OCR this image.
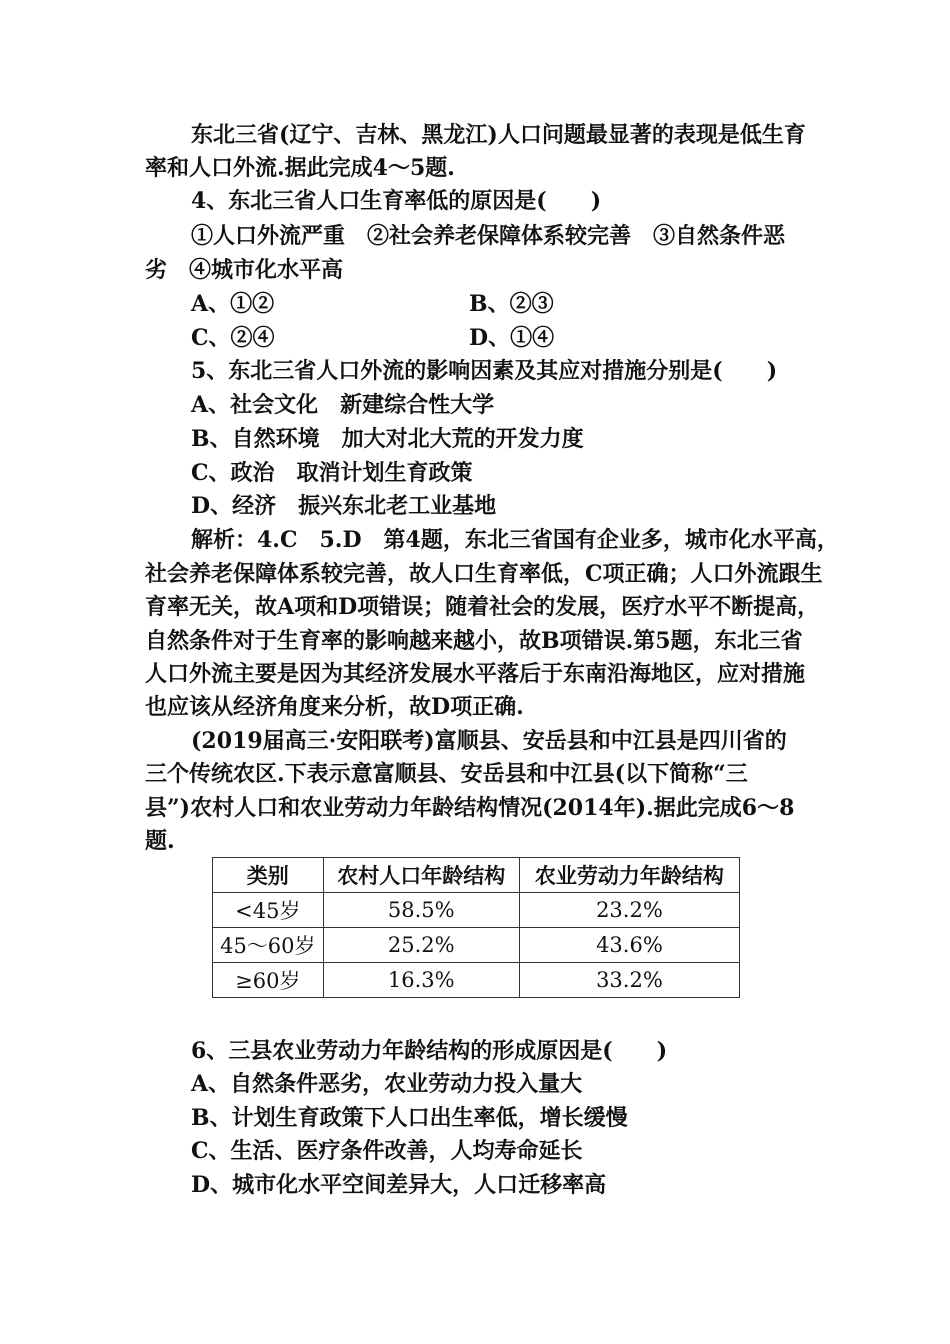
东北三省(辽宁、吉林、黑龙江)人口问题最显著的表现是低生育
率和人口外流.据此完成4～5题.
4、东北三省人口生育率低的原因是(　　)
①人口外流严重　②社会养老保障体系较完善　③自然条件恶
劣　④城市化水平高
A、①②	B、②③
C、②④	D、①④
5、东北三省人口外流的影响因素及其应对措施分别是(　　)
A、社会文化　新建综合性大学
B、自然环境　加大对北大荒的开发力度
C、政治　取消计划生育政策
D、经济　振兴东北老工业基地
解析：4.C　5.D　第4题，东北三省国有企业多，城市化水平高，
社会养老保障体系较完善，故人口生育率低，C项正确；人口外流跟生
育率无关，故A项和D项错误；随着社会的发展，医疗水平不断提高，
自然条件对于生育率的影响越来越小，故B项错误.第5题，东北三省
人口外流主要是因为其经济发展水平落后于东南沿海地区，应对措施
也应该从经济角度来分析，故D项正确.
(2019届高三·安阳联考)富顺县、安岳县和中江县是四川省的
三个传统农区.下表示意富顺县、安岳县和中江县(以下简称“三
县”)农村人口和农业劳动力年龄结构情况(2014年).据此完成6～8
题.
类别	农村人口年龄结构	农业劳动力年龄结构
<45岁	58.5%	23.2%
45～60岁	25.2%	43.6%
≥60岁	16.3%	33.2%
6、三县农业劳动力年龄结构的形成原因是(　　)
A、自然条件恶劣，农业劳动力投入量大
B、计划生育政策下人口出生率低，增长缓慢
C、生活、医疗条件改善，人均寿命延长
D、城市化水平空间差异大，人口迁移率高
